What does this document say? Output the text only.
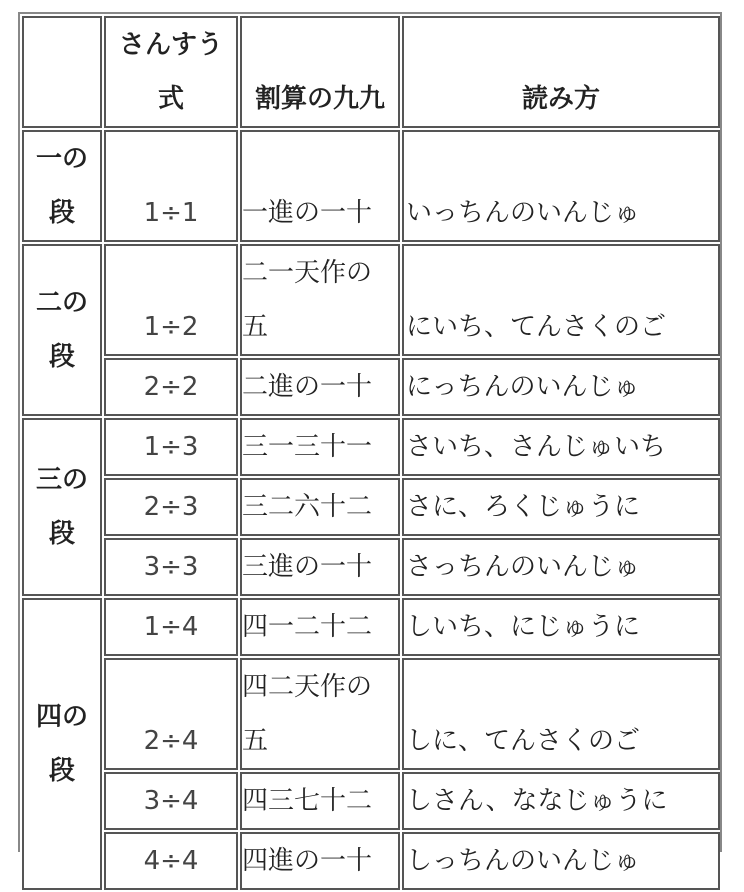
	さんすう
式	割算の九九	読み方
一の
段	1÷1	一進の一十	いっちんのいんじゅ
二の
段	1÷2	二一天作の五	にいち、てんさくのご
	2÷2	二進の一十	にっちんのいんじゅ
三の
段	1÷3	三一三十一	さいち、さんじゅいち
	2÷3	三二六十二	さに、ろくじゅうに
	3÷3	三進の一十	さっちんのいんじゅ
四の
段	1÷4	四一二十二	しいち、にじゅうに
	2÷4	四二天作の五	しに、てんさくのご
	3÷4	四三七十二	しさん、ななじゅうに
	4÷4	四進の一十	しっちんのいんじゅ
